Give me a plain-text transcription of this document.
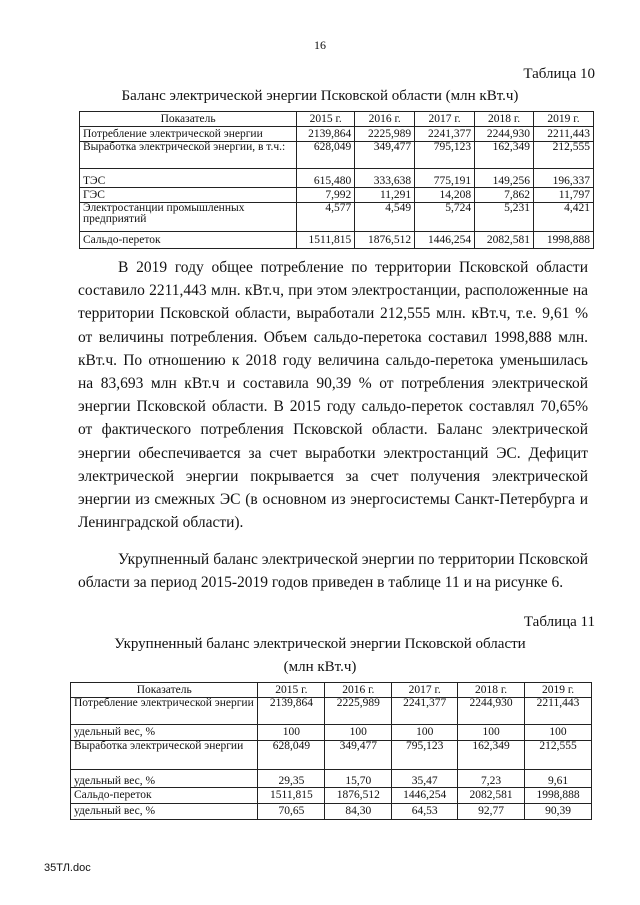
16
Таблица 10
Баланс электрической энергии Псковской области (млн кВт.ч)
Показатель	2015 г.	2016 г.	2017 г.	2018 г.	2019 г.
Потребление электрической энергии	2139,864	2225,989	2241,377	2244,930	2211,443
Выработка электрической энергии, в т.ч.:	628,049	349,477	795,123	162,349	212,555
ТЭС	615,480	333,638	775,191	149,256	196,337
ГЭС	7,992	11,291	14,208	7,862	11,797
Электростанции промышленных предприятий	4,577	4,549	5,724	5,231	4,421
Сальдо-переток	1511,815	1876,512	1446,254	2082,581	1998,888

В 2019 году общее потребление по территории Псковской области составило 2211,443 млн. кВт.ч, при этом электростанции, расположенные на территории Псковской области, выработали 212,555 млн. кВт.ч, т.е. 9,61 % от величины потребления. Объем сальдо-перетока составил 1998,888 млн. кВт.ч. По отношению к 2018 году величина сальдо-перетока уменьшилась на 83,693 млн кВт.ч и составила 90,39 % от потребления электрической энергии Псковской области. В 2015 году сальдо-переток составлял 70,65% от фактического потребления Псковской области. Баланс электрической энергии обеспечивается за счет выработки электростанций ЭС. Дефицит электрической энергии покрывается за счет получения электрической энергии из смежных ЭС (в основном из энергосистемы Санкт-Петербурга и Ленинградской области).

Укрупненный баланс электрической энергии по территории Псковской области за период 2015-2019 годов приведен в таблице 11 и на рисунке 6.

Таблица 11
Укрупненный баланс электрической энергии Псковской области
(млн кВт.ч)
Показатель	2015 г.	2016 г.	2017 г.	2018 г.	2019 г.
Потребление электрической энергии	2139,864	2225,989	2241,377	2244,930	2211,443
удельный вес, %	100	100	100	100	100
Выработка электрической энергии	628,049	349,477	795,123	162,349	212,555
удельный вес, %	29,35	15,70	35,47	7,23	9,61
Сальдо-переток	1511,815	1876,512	1446,254	2082,581	1998,888
удельный вес, %	70,65	84,30	64,53	92,77	90,39
35ТЛ.doc
